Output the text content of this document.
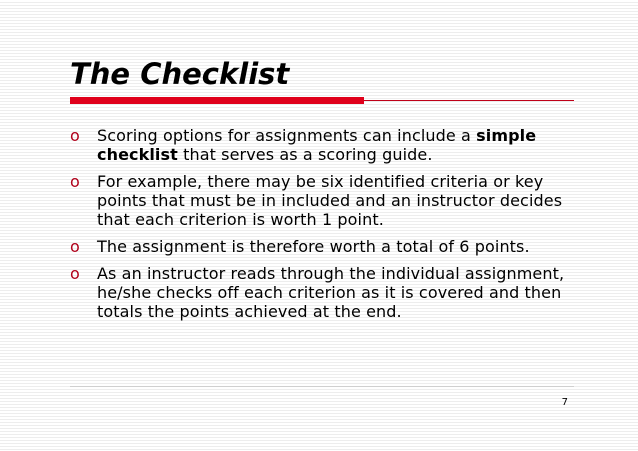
The Checklist
o Scoring options for assignments can include a simple checklist that serves as a scoring guide.
o For example, there may be six identified criteria or key points that must be in included and an instructor decides that each criterion is worth 1 point.
o The assignment is therefore worth a total of 6 points.
o As an instructor reads through the individual assignment, he/she checks off each criterion as it is covered and then totals the points achieved at the end.
7
